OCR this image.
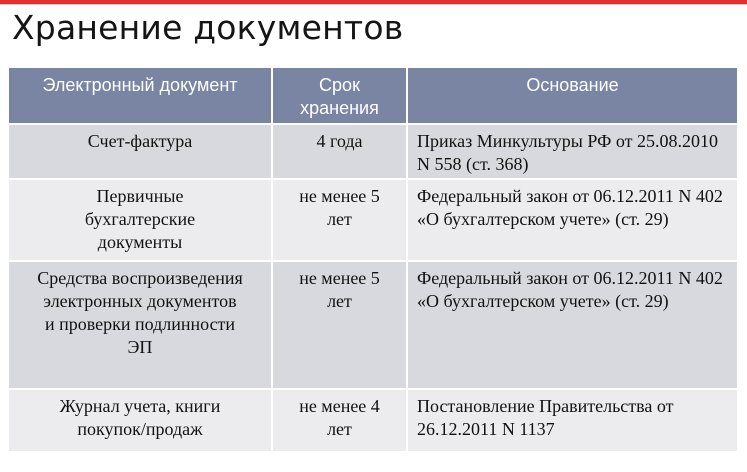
Хранение документов
Электронный документ	Срок хранения	Основание
Счет-фактура	4 года	Приказ Минкультуры РФ от 25.08.2010 N 558 (ст. 368)
Первичные бухгалтерские документы	не менее 5 лет	Федеральный закон от 06.12.2011 N 402 «О бухгалтерском учете» (ст. 29)
Средства воспроизведения электронных документов и проверки подлинности ЭП	не менее 5 лет	Федеральный закон от 06.12.2011 N 402 «О бухгалтерском учете» (ст. 29)
Журнал учета, книги покупок/продаж	не менее 4 лет	Постановление Правительства от 26.12.2011 N 1137
